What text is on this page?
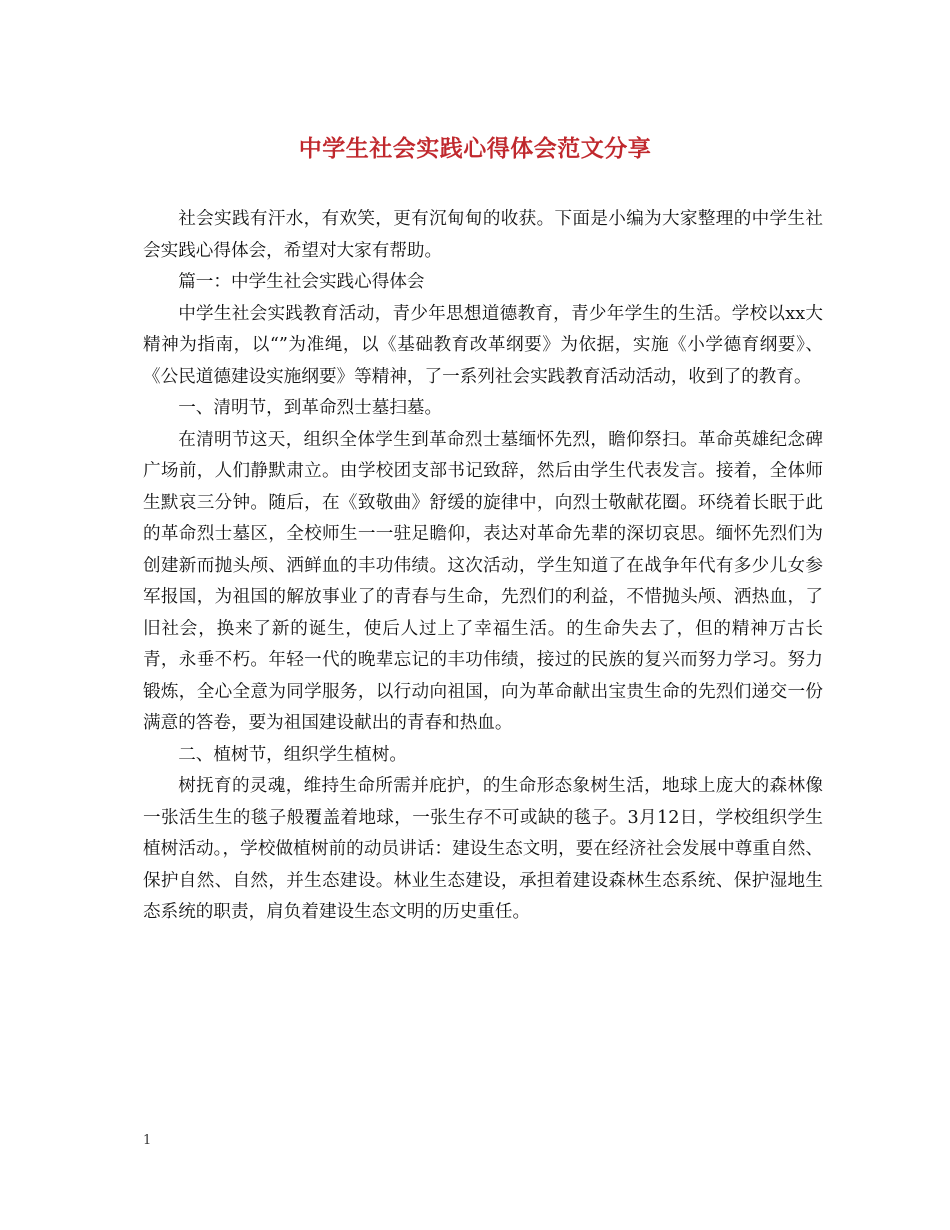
中学生社会实践心得体会范文分享

社会实践有汗水，有欢笑，更有沉甸甸的收获。下面是小编为大家整理的中学生社会实践心得体会，希望对大家有帮助。

篇一：中学生社会实践心得体会

中学生社会实践教育活动，青少年思想道德教育，青少年学生的生活。学校以xx大精神为指南，以“”为准绳，以《基础教育改革纲要》为依据，实施《小学德育纲要》、《公民道德建设实施纲要》等精神，了一系列社会实践教育活动活动，收到了的教育。

一、清明节，到革命烈士墓扫墓。

在清明节这天，组织全体学生到革命烈士墓缅怀先烈，瞻仰祭扫。革命英雄纪念碑广场前，人们静默肃立。由学校团支部书记致辞，然后由学生代表发言。接着，全体师生默哀三分钟。随后，在《致敬曲》舒缓的旋律中，向烈士敬献花圈。环绕着长眠于此的革命烈士墓区，全校师生一一驻足瞻仰，表达对革命先辈的深切哀思。缅怀先烈们为创建新而抛头颅、洒鲜血的丰功伟绩。这次活动，学生知道了在战争年代有多少儿女参军报国，为祖国的解放事业了的青春与生命，先烈们的利益，不惜抛头颅、洒热血，了旧社会，换来了新的诞生，使后人过上了幸福生活。的生命失去了，但的精神万古长青，永垂不朽。年轻一代的晚辈忘记的丰功伟绩，接过的民族的复兴而努力学习。努力锻炼，全心全意为同学服务，以行动向祖国，向为革命献出宝贵生命的先烈们递交一份满意的答卷，要为祖国建设献出的青春和热血。

二、植树节，组织学生植树。

树抚育的灵魂，维持生命所需并庇护，的生命形态象树生活，地球上庞大的森林像一张活生生的毯子般覆盖着地球，一张生存不可或缺的毯子。3月12日，学校组织学生植树活动。，学校做植树前的动员讲话：建设生态文明，要在经济社会发展中尊重自然、保护自然、自然，并生态建设。林业生态建设，承担着建设森林生态系统、保护湿地生态系统的职责，肩负着建设生态文明的历史重任。

1
